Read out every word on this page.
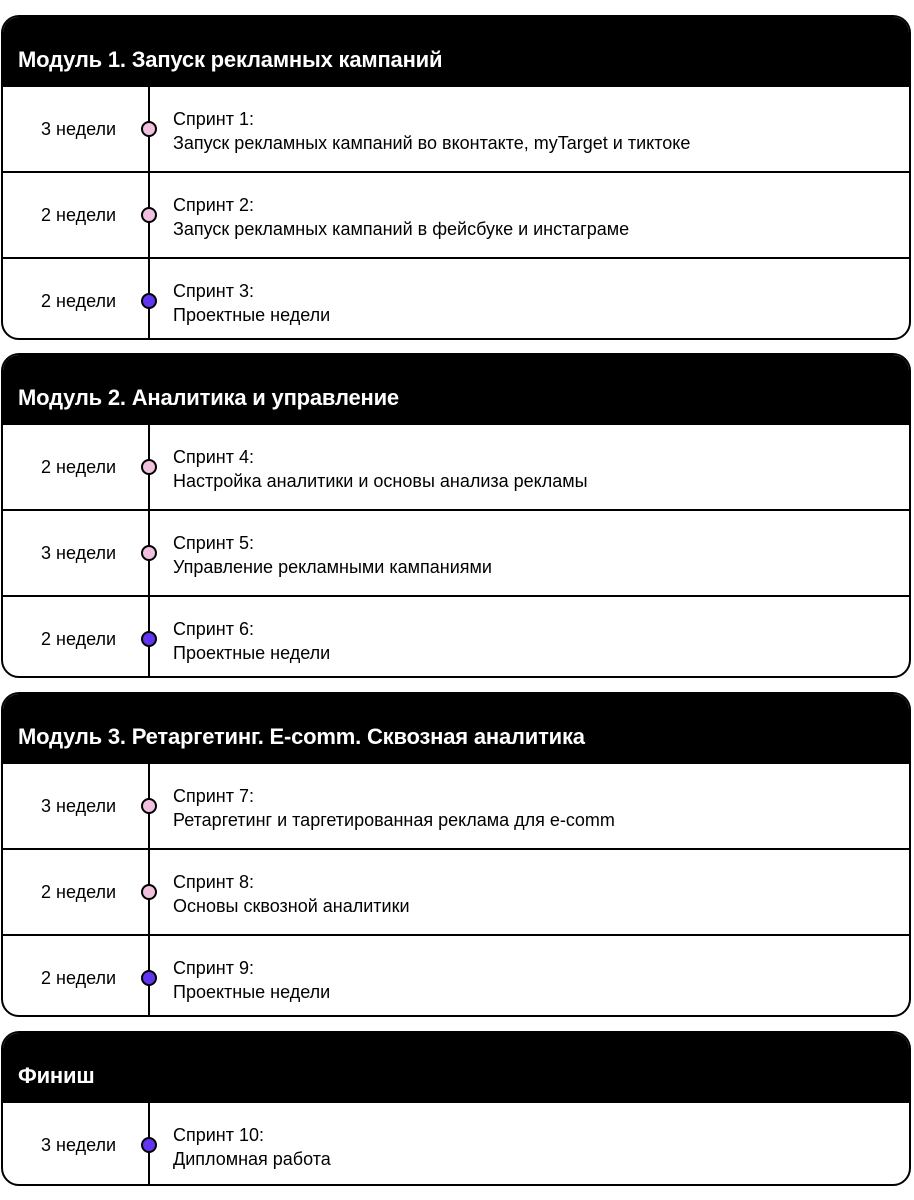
Модуль 1. Запуск рекламных кампаний
3 недели	Спринт 1:
Запуск рекламных кампаний во вконтакте, myTarget и тиктоке
2 недели	Спринт 2:
Запуск рекламных кампаний в фейсбуке и инстаграме
2 недели	Спринт 3:
Проектные недели
Модуль 2. Аналитика и управление
2 недели	Спринт 4:
Настройка аналитики и основы анализа рекламы
3 недели	Спринт 5:
Управление рекламными кампаниями
2 недели	Спринт 6:
Проектные недели
Модуль 3. Ретаргетинг. E-comm. Сквозная аналитика
3 недели	Спринт 7:
Ретаргетинг и таргетированная реклама для e-comm
2 недели	Спринт 8:
Основы сквозной аналитики
2 недели	Спринт 9:
Проектные недели
Финиш
3 недели	Спринт 10:
Дипломная работа
